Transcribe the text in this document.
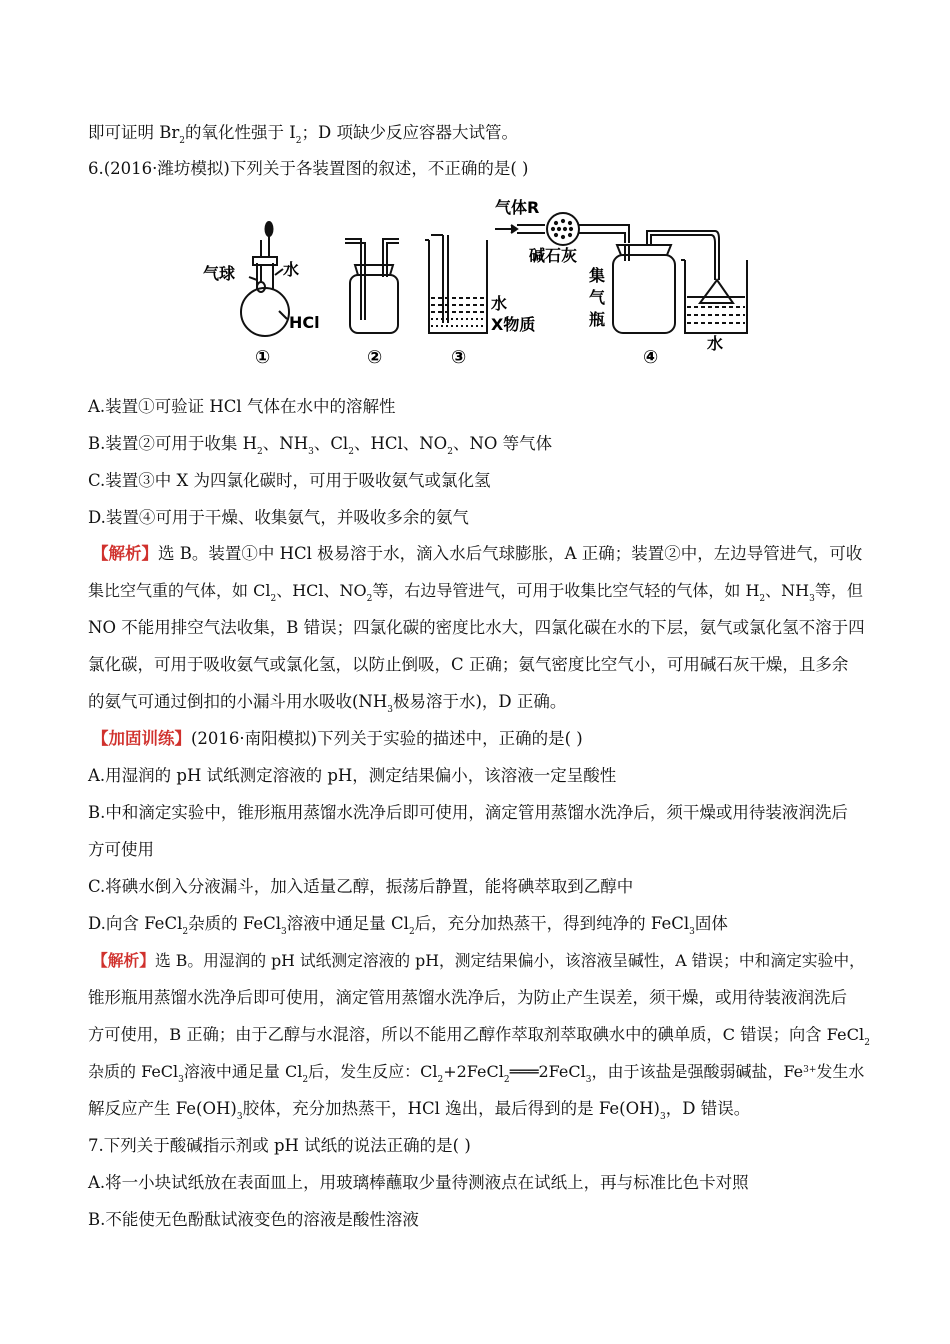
即可证明 $Br_2$的氧化性强于 $I_2$；D 项缺少反应容器大试管。
6.(2016·潍坊模拟)下列关于各装置图的叙述，不正确的是( )
气球	水
HCl
①	②
水
X物质
③
气体R
碱石灰
集
气
瓶
水
④
A.装置①可验证 HCl 气体在水中的溶解性
B.装置②可用于收集 $H_2$、$NH_3$、$Cl_2$、HCl、$NO_2$、NO 等气体
C.装置③中 X 为四氯化碳时，可用于吸收氨气或氯化氢
D.装置④可用于干燥、收集氨气，并吸收多余的氨气
【解析】选 B。装置①中 HCl 极易溶于水，滴入水后气球膨胀，A 正确；装置②中，左边导管进气，可收
集比空气重的气体，如 $Cl_2$、HCl、$NO_2$等，右边导管进气，可用于收集比空气轻的气体，如 $H_2$、$NH_3$等，但
NO 不能用排空气法收集，B 错误；四氯化碳的密度比水大，四氯化碳在水的下层，氨气或氯化氢不溶于四
氯化碳，可用于吸收氨气或氯化氢，以防止倒吸，C 正确；氨气密度比空气小，可用碱石灰干燥，且多余
的氨气可通过倒扣的小漏斗用水吸收($NH_3$极易溶于水)，D 正确。
【加固训练】(2016·南阳模拟)下列关于实验的描述中，正确的是( )
A.用湿润的 pH 试纸测定溶液的 pH，测定结果偏小，该溶液一定呈酸性
B.中和滴定实验中，锥形瓶用蒸馏水洗净后即可使用，滴定管用蒸馏水洗净后，须干燥或用待装液润洗后
方可使用
C.将碘水倒入分液漏斗，加入适量乙醇，振荡后静置，能将碘萃取到乙醇中
D.向含 FeCl$_2$杂质的 FeCl$_3$溶液中通足量 $Cl_2$后，充分加热蒸干，得到纯净的 FeCl$_3$固体
【解析】选 B。用湿润的 pH 试纸测定溶液的 pH，测定结果偏小，该溶液呈碱性，A 错误；中和滴定实验中，
锥形瓶用蒸馏水洗净后即可使用，滴定管用蒸馏水洗净后，为防止产生误差，须干燥，或用待装液润洗后
方可使用，B 正确；由于乙醇与水混溶，所以不能用乙醇作萃取剂萃取碘水中的碘单质，C 错误；向含 FeCl$_2$
杂质的 FeCl$_3$溶液中通足量 $Cl_2$后，发生反应：$Cl_2+2FeCl_2═══2FeCl_3$，由于该盐是强酸弱碱盐，$Fe^{3+}$发生水
解反应产生 $Fe(OH)_3$胶体，充分加热蒸干，HCl 逸出，最后得到的是 $Fe(OH)_3$，D 错误。
7.下列关于酸碱指示剂或 pH 试纸的说法正确的是( )
A.将一小块试纸放在表面皿上，用玻璃棒蘸取少量待测液点在试纸上，再与标准比色卡对照
B.不能使无色酚酞试液变色的溶液是酸性溶液
